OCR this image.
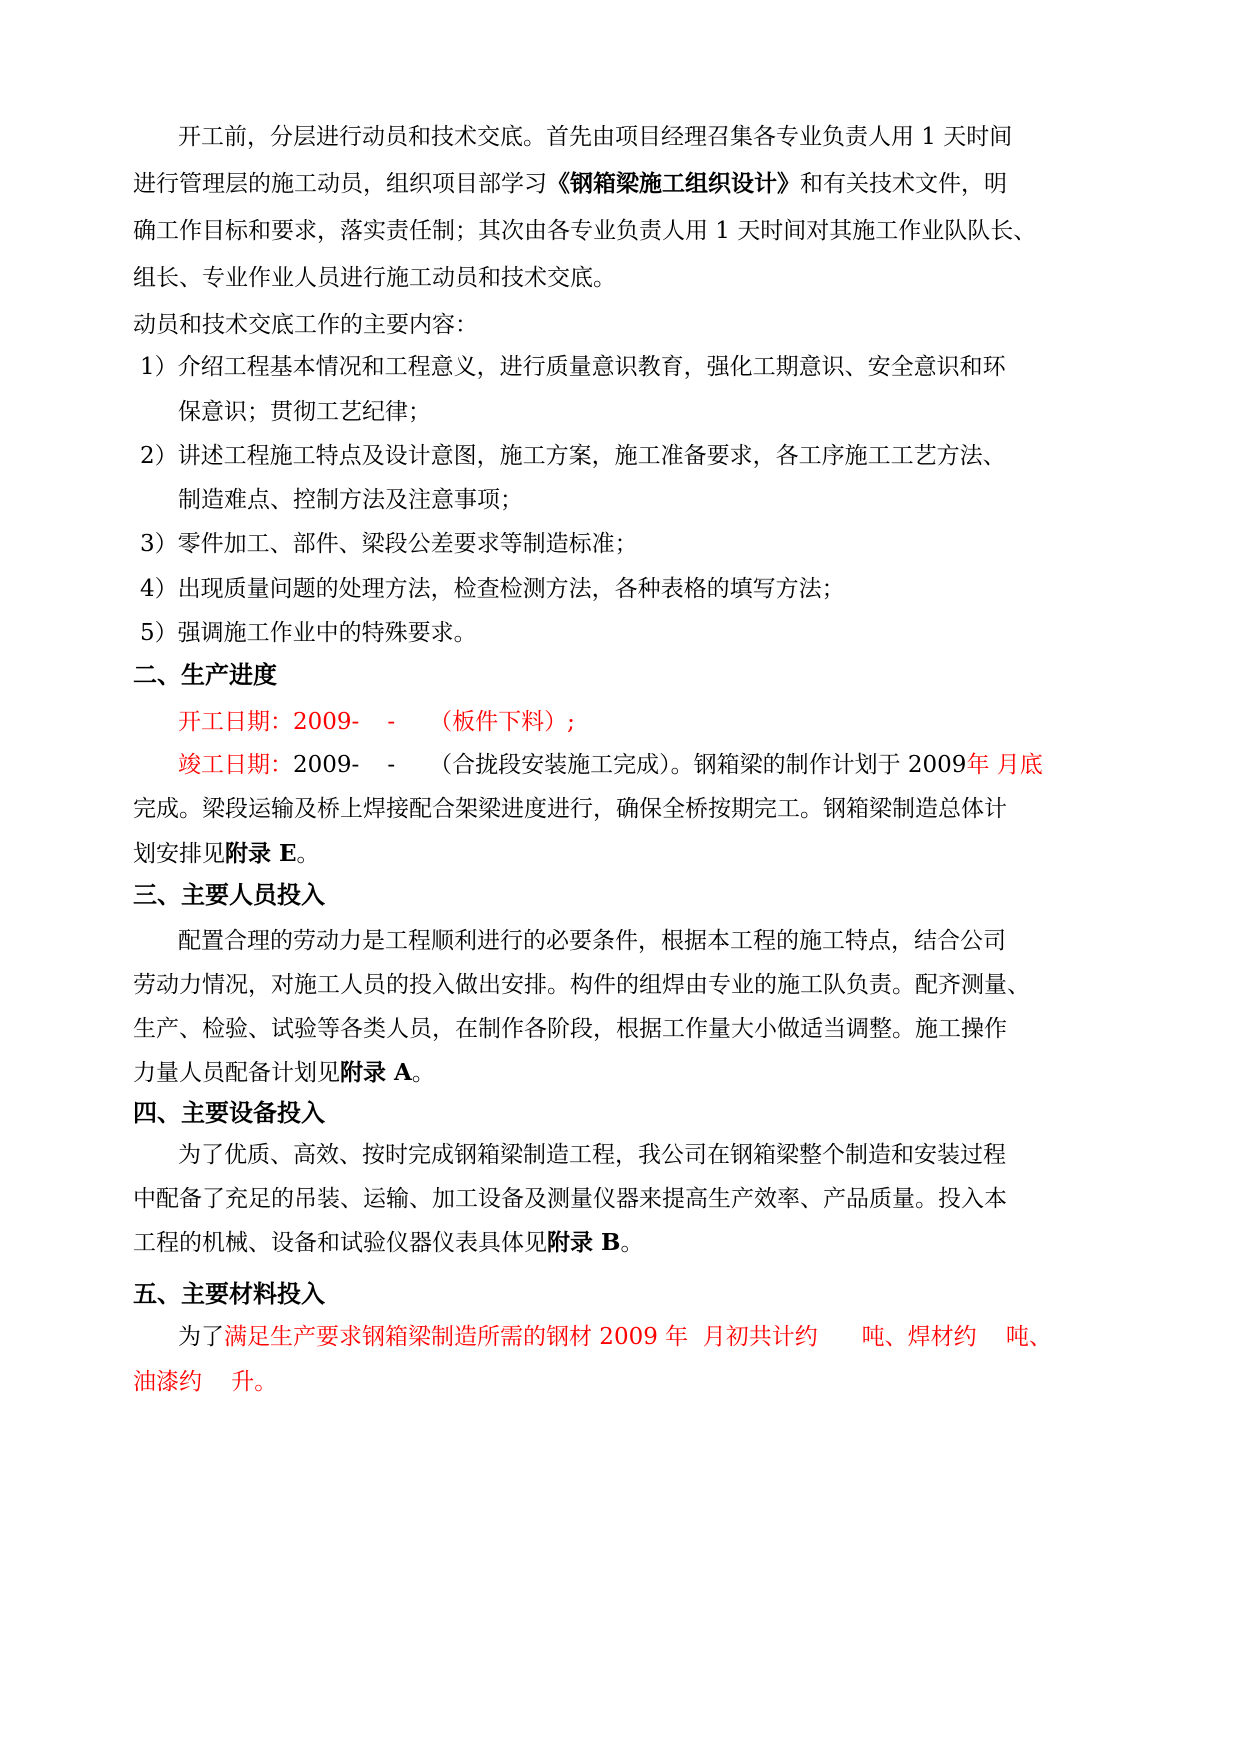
开工前，分层进行动员和技术交底。首先由项目经理召集各专业负责人用 1 天时间
进行管理层的施工动员，组织项目部学习《钢箱梁施工组织设计》和有关技术文件，明
确工作目标和要求，落实责任制；其次由各专业负责人用 1 天时间对其施工作业队队长、
组长、专业作业人员进行施工动员和技术交底。
动员和技术交底工作的主要内容：
1）介绍工程基本情况和工程意义，进行质量意识教育，强化工期意识、安全意识和环
保意识；贯彻工艺纪律；
2）讲述工程施工特点及设计意图，施工方案，施工准备要求，各工序施工工艺方法、
制造难点、控制方法及注意事项；
3）零件加工、部件、梁段公差要求等制造标准；
4）出现质量问题的处理方法，检查检测方法，各种表格的填写方法；
5）强调施工作业中的特殊要求。
二、生产进度
开工日期：2009- - （板件下料）;
竣工日期：2009- - （合拢段安装施工完成）。钢箱梁的制作计划于 2009年 月底
完成。梁段运输及桥上焊接配合架梁进度进行，确保全桥按期完工。钢箱梁制造总体计
划安排见附录 E。
三、主要人员投入
配置合理的劳动力是工程顺利进行的必要条件，根据本工程的施工特点，结合公司
劳动力情况，对施工人员的投入做出安排。构件的组焊由专业的施工队负责。配齐测量、
生产、检验、试验等各类人员，在制作各阶段，根据工作量大小做适当调整。施工操作
力量人员配备计划见附录 A。
四、主要设备投入
为了优质、高效、按时完成钢箱梁制造工程，我公司在钢箱梁整个制造和安装过程
中配备了充足的吊装、运输、加工设备及测量仪器来提高生产效率、产品质量。投入本
工程的机械、设备和试验仪器仪表具体见附录 B。
五、主要材料投入
为了满足生产要求钢箱梁制造所需的钢材 2009 年  月初共计约      吨、焊材约    吨、
油漆约    升。
